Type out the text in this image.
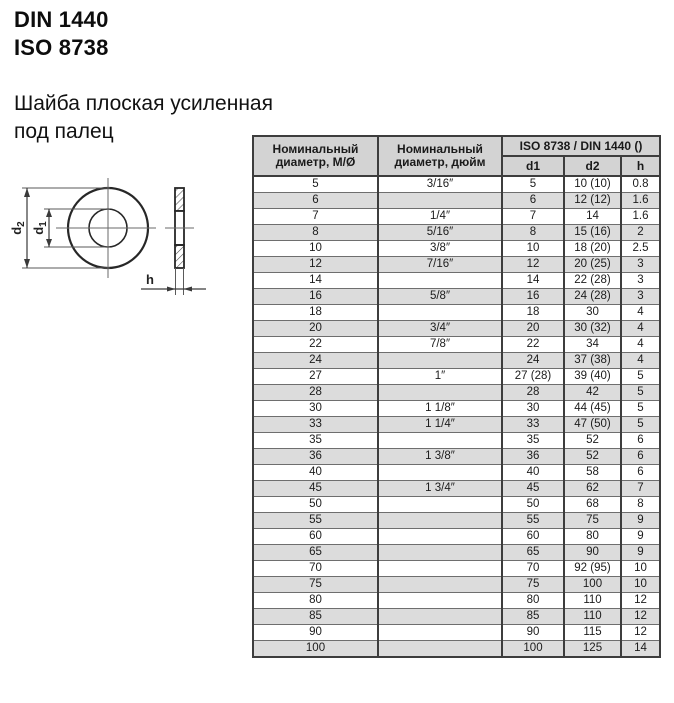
DIN 1440
ISO 8738
Шайба плоская усиленная
под палец
$d_2$
$d_1$
h
Номинальный диаметр, М/Ø	Номинальный диаметр, дюйм	ISO 8738 / DIN 1440 ()		
		d1	d2	h
5	3/16″	5	10 (10)	0.8
6		6	12 (12)	1.6
7	1/4″	7	14	1.6
8	5/16″	8	15 (16)	2
10	3/8″	10	18 (20)	2.5
12	7/16″	12	20 (25)	3
14		14	22 (28)	3
16	5/8″	16	24 (28)	3
18		18	30	4
20	3/4″	20	30 (32)	4
22	7/8″	22	34	4
24		24	37 (38)	4
27	1″	27 (28)	39 (40)	5
28		28	42	5
30	1 1/8″	30	44 (45)	5
33	1 1/4″	33	47 (50)	5
35		35	52	6
36	1 3/8″	36	52	6
40		40	58	6
45	1 3/4″	45	62	7
50		50	68	8
55		55	75	9
60		60	80	9
65		65	90	9
70		70	92 (95)	10
75		75	100	10
80		80	110	12
85		85	110	12
90		90	115	12
100		100	125	14
